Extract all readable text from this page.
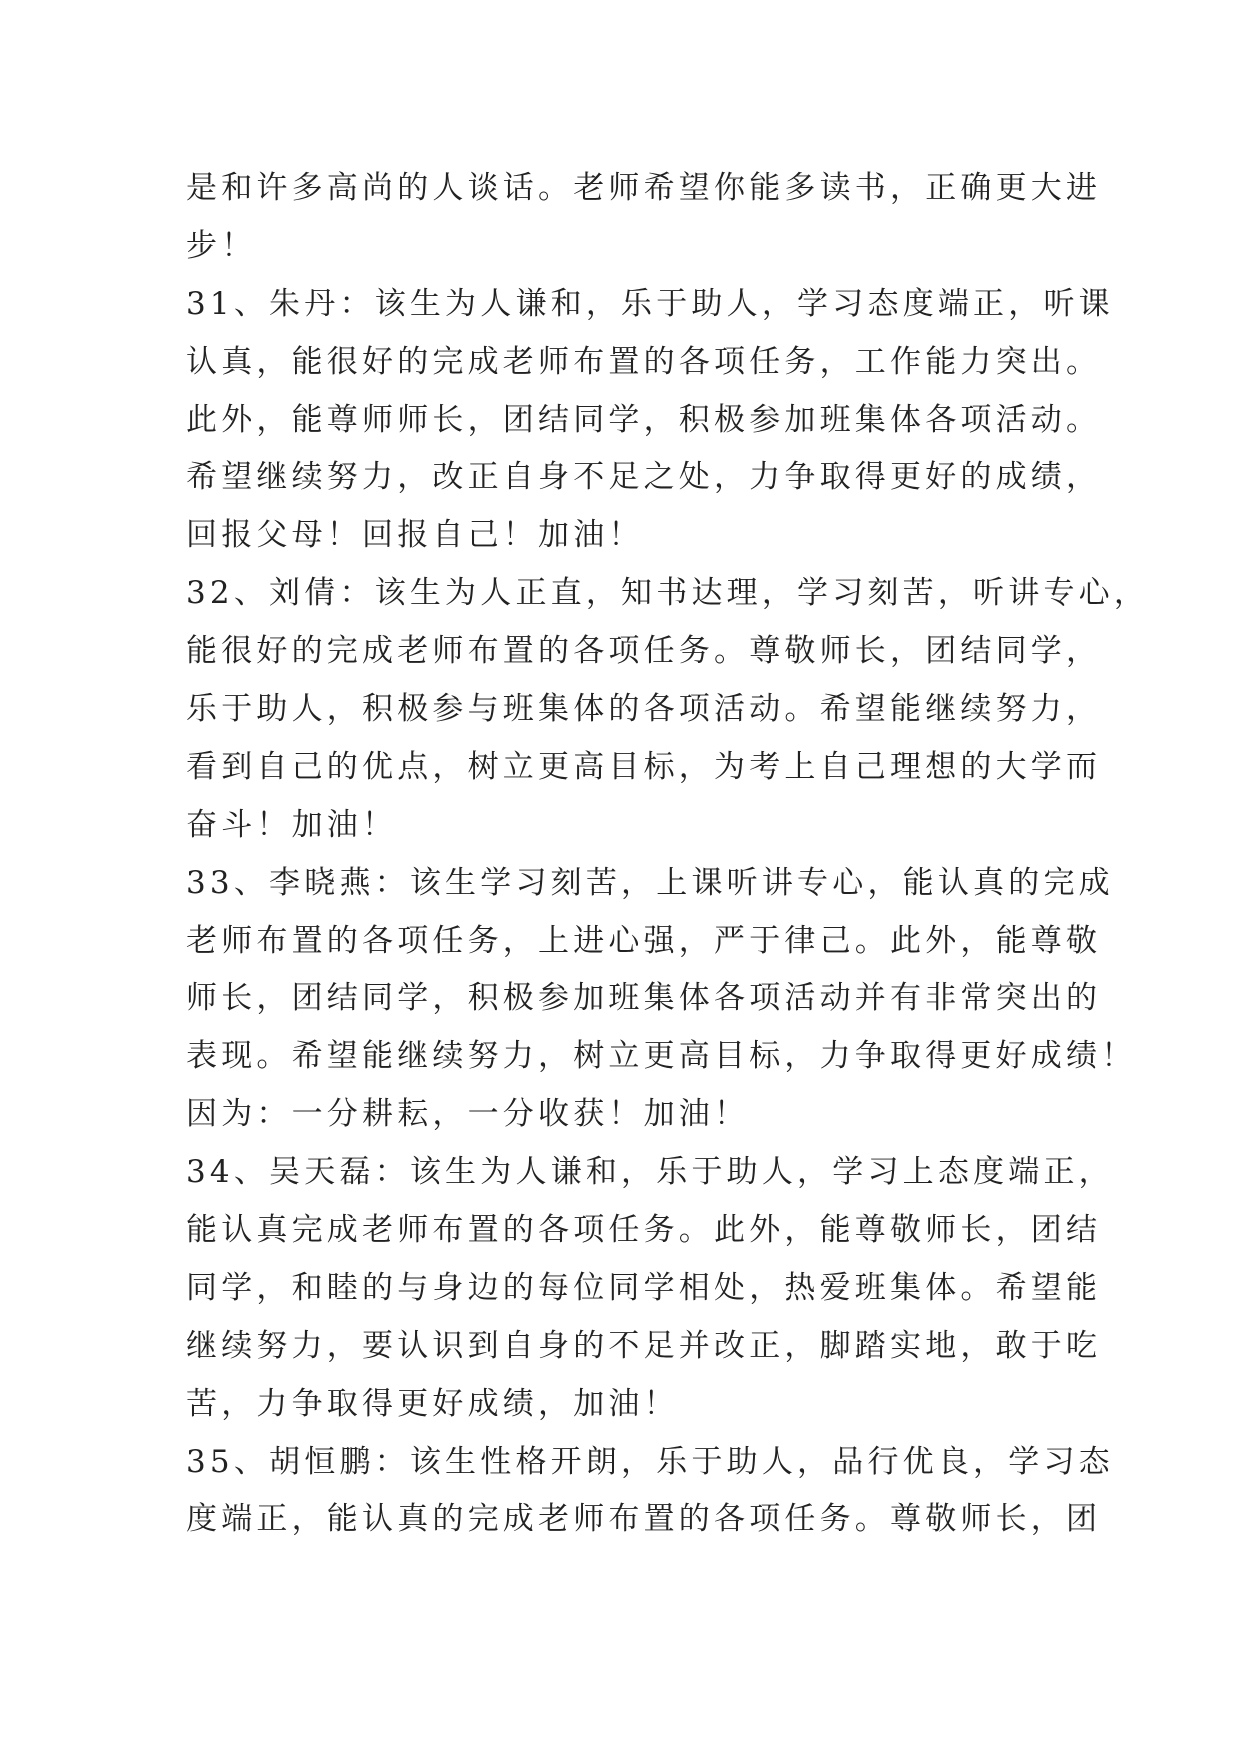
是和许多高尚的人谈话。老师希望你能多读书，正确更大进
步！
31、朱丹：该生为人谦和，乐于助人，学习态度端正，听课
认真，能很好的完成老师布置的各项任务，工作能力突出。
此外，能尊师师长，团结同学，积极参加班集体各项活动。
希望继续努力，改正自身不足之处，力争取得更好的成绩，
回报父母！回报自己！加油！
32、刘倩：该生为人正直，知书达理，学习刻苦，听讲专心，
能很好的完成老师布置的各项任务。尊敬师长，团结同学，
乐于助人，积极参与班集体的各项活动。希望能继续努力，
看到自己的优点，树立更高目标，为考上自己理想的大学而
奋斗！加油！
33、李晓燕：该生学习刻苦，上课听讲专心，能认真的完成
老师布置的各项任务，上进心强，严于律己。此外，能尊敬
师长，团结同学，积极参加班集体各项活动并有非常突出的
表现。希望能继续努力，树立更高目标，力争取得更好成绩！
因为：一分耕耘，一分收获！加油！
34、吴天磊：该生为人谦和，乐于助人，学习上态度端正，
能认真完成老师布置的各项任务。此外，能尊敬师长，团结
同学，和睦的与身边的每位同学相处，热爱班集体。希望能
继续努力，要认识到自身的不足并改正，脚踏实地，敢于吃
苦，力争取得更好成绩，加油！
35、胡恒鹏：该生性格开朗，乐于助人，品行优良，学习态
度端正，能认真的完成老师布置的各项任务。尊敬师长，团
